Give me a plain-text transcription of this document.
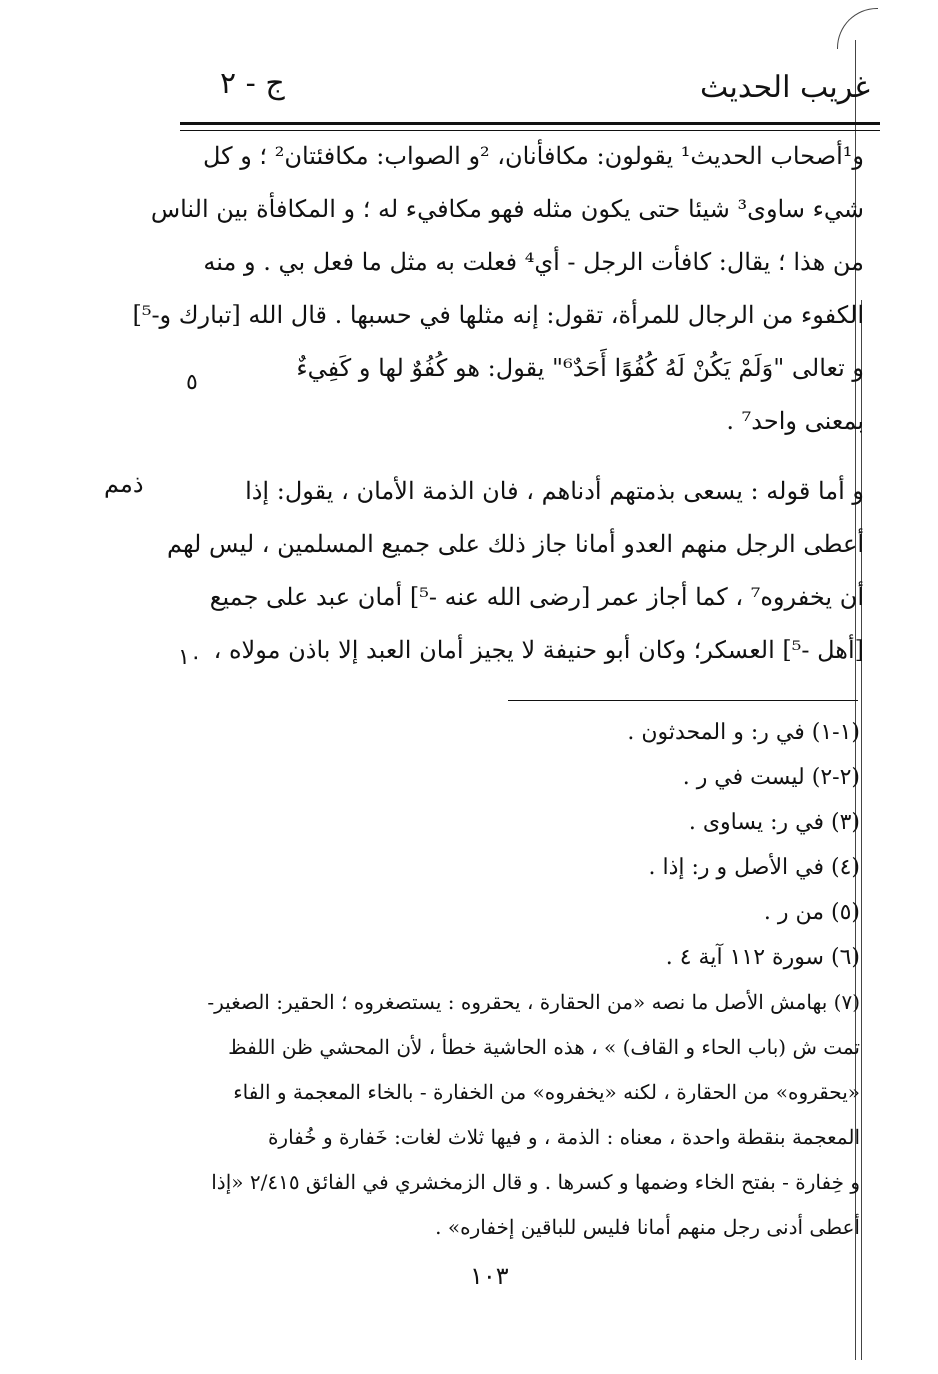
غريب الحديث
ج - ٢
و¹أصحاب الحديث¹ يقولون: مكافأنان، ²و الصواب: مكافئتان² ؛ و كل
شيء ساوى³ شيئا حتى يكون مثله فهو مكافيء له ؛ و المكافأة بين الناس
من هذا ؛ يقال: كافأت الرجل - أي⁴ فعلت به مثل ما فعل بي . و منه
الكفوء من الرجال للمرأة، تقول: إنه مثلها في حسبها . قال الله [تبارك و-⁵]
و تعالى "وَلَمْ يَكُنْ لَهُ كُفُوًا أَحَدٌ⁶" يقول: هو كُفُوٌ لها و كَفِيءٌ
بمعنى واحد⁷ .
٥
ذمم	و أما قوله : يسعى بذمتهم أدناهم ، فان الذمة الأمان ، يقول: إذا
أعطى الرجل منهم العدو أمانا جاز ذلك على جميع المسلمين ، ليس لهم
أن يخفروه⁷ ، كما أجاز عمر [رضى الله عنه -⁵] أمان عبد على جميع
[أهل -⁵] العسكر؛ وكان أبو حنيفة لا يجيز أمان العبد إلا باذن مولاه ،
١٠
(١-١) في ر: و المحدثون .
(٢-٢) ليست في ر .
(٣) في ر: يساوى .
(٤) في الأصل و ر: إذا .
(٥) من ر .
(٦) سورة ١١٢ آية ٤ .
(٧) بهامش الأصل ما نصه «من الحقارة ، يحقروه : يستصغروه ؛ الحقير: الصغير-
تمت ش (باب الحاء و القاف) » ، هذه الحاشية خطأ ، لأن المحشي ظن اللفظ
«يحقروه» من الحقارة ، لكنه «يخفروه» من الخفارة - بالخاء المعجمة و الفاء
المعجمة بنقطة واحدة ، معناه : الذمة ، و فيها ثلاث لغات: خَفارة و خُفارة
و خِفارة - بفتح الخاء وضمها و كسرها . و قال الزمخشري في الفائق ٢/٤١٥ «إذا
أعطى أدنى رجل منهم أمانا فليس للباقين إخفاره» .
١٠٣
